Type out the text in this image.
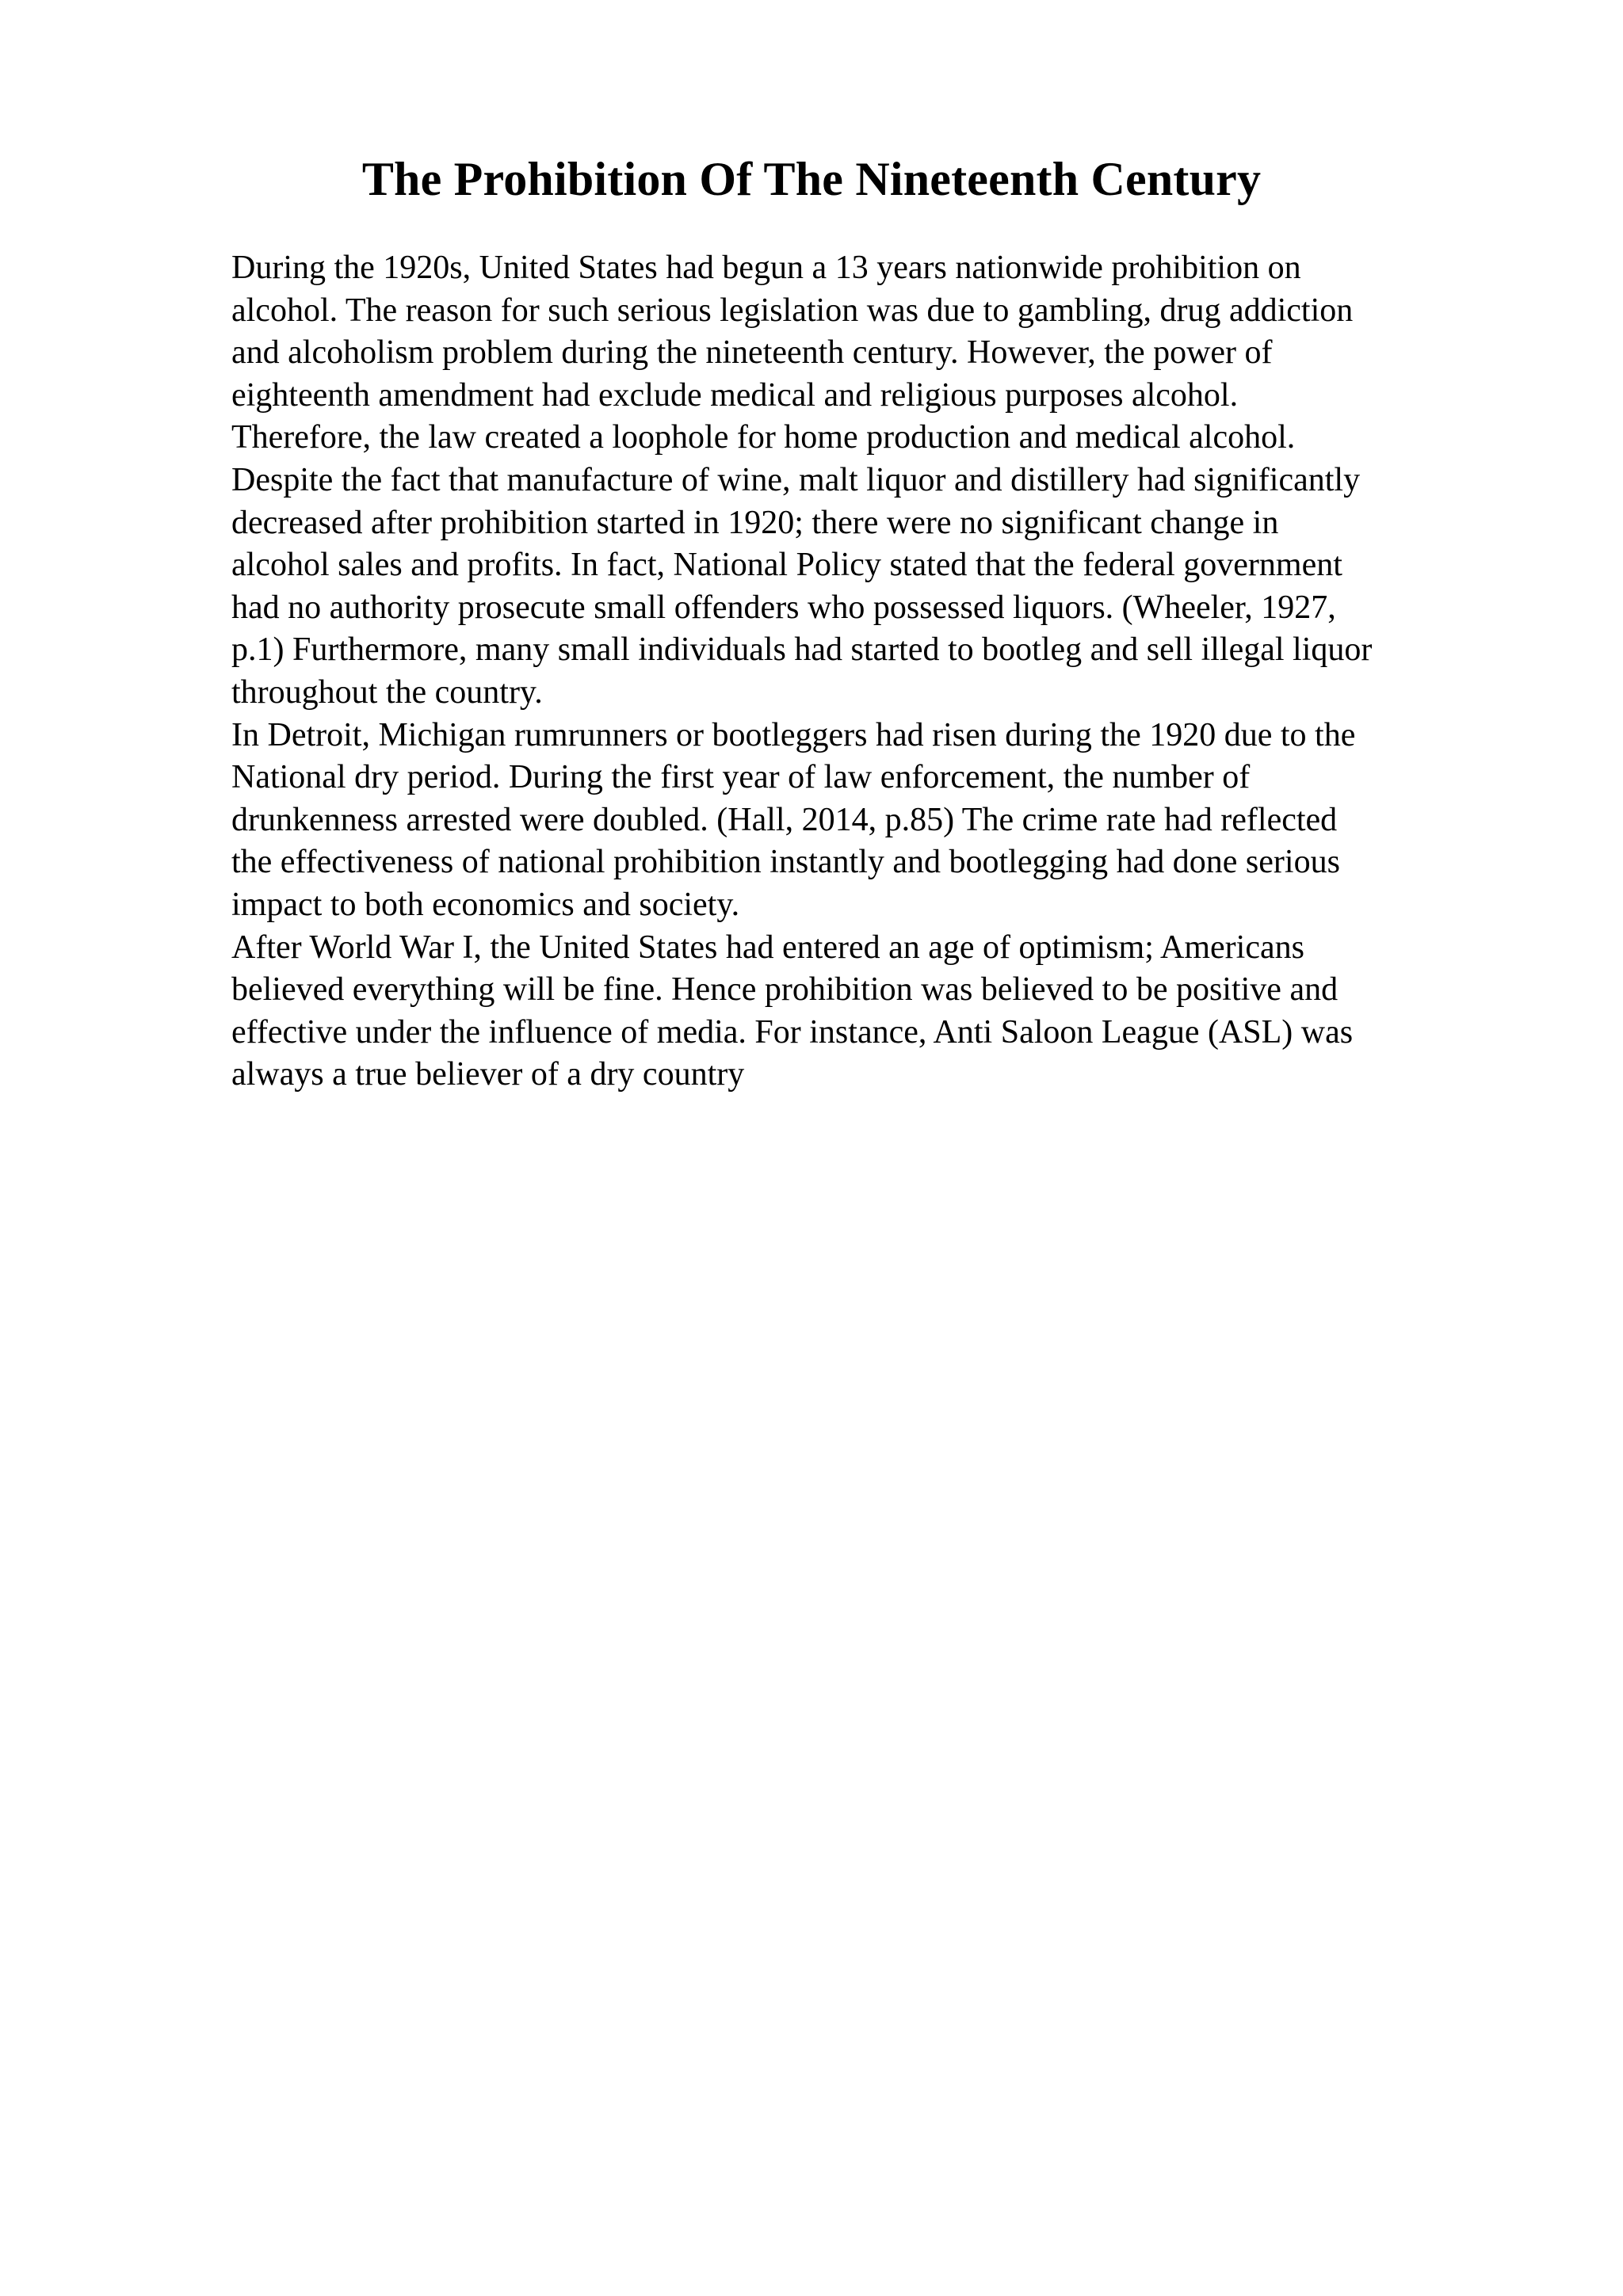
The Prohibition Of The Nineteenth Century
During the 1920s, United States had begun a 13 years nationwide prohibition on
alcohol. The reason for such serious legislation was due to gambling, drug addiction
and alcoholism problem during the nineteenth century. However, the power of
eighteenth amendment had exclude medical and religious purposes alcohol.
Therefore, the law created a loophole for home production and medical alcohol.
Despite the fact that manufacture of wine, malt liquor and distillery had significantly
decreased after prohibition started in 1920; there were no significant change in
alcohol sales and profits. In fact, National Policy stated that the federal government
had no authority prosecute small offenders who possessed liquors. (Wheeler, 1927,
p.1) Furthermore, many small individuals had started to bootleg and sell illegal liquor
throughout the country.
In Detroit, Michigan rumrunners or bootleggers had risen during the 1920 due to the
National dry period. During the first year of law enforcement, the number of
drunkenness arrested were doubled. (Hall, 2014, p.85) The crime rate had reflected
the effectiveness of national prohibition instantly and bootlegging had done serious
impact to both economics and society.
After World War I, the United States had entered an age of optimism; Americans
believed everything will be fine. Hence prohibition was believed to be positive and
effective under the influence of media. For instance, Anti Saloon League (ASL) was
always a true believer of a dry country
